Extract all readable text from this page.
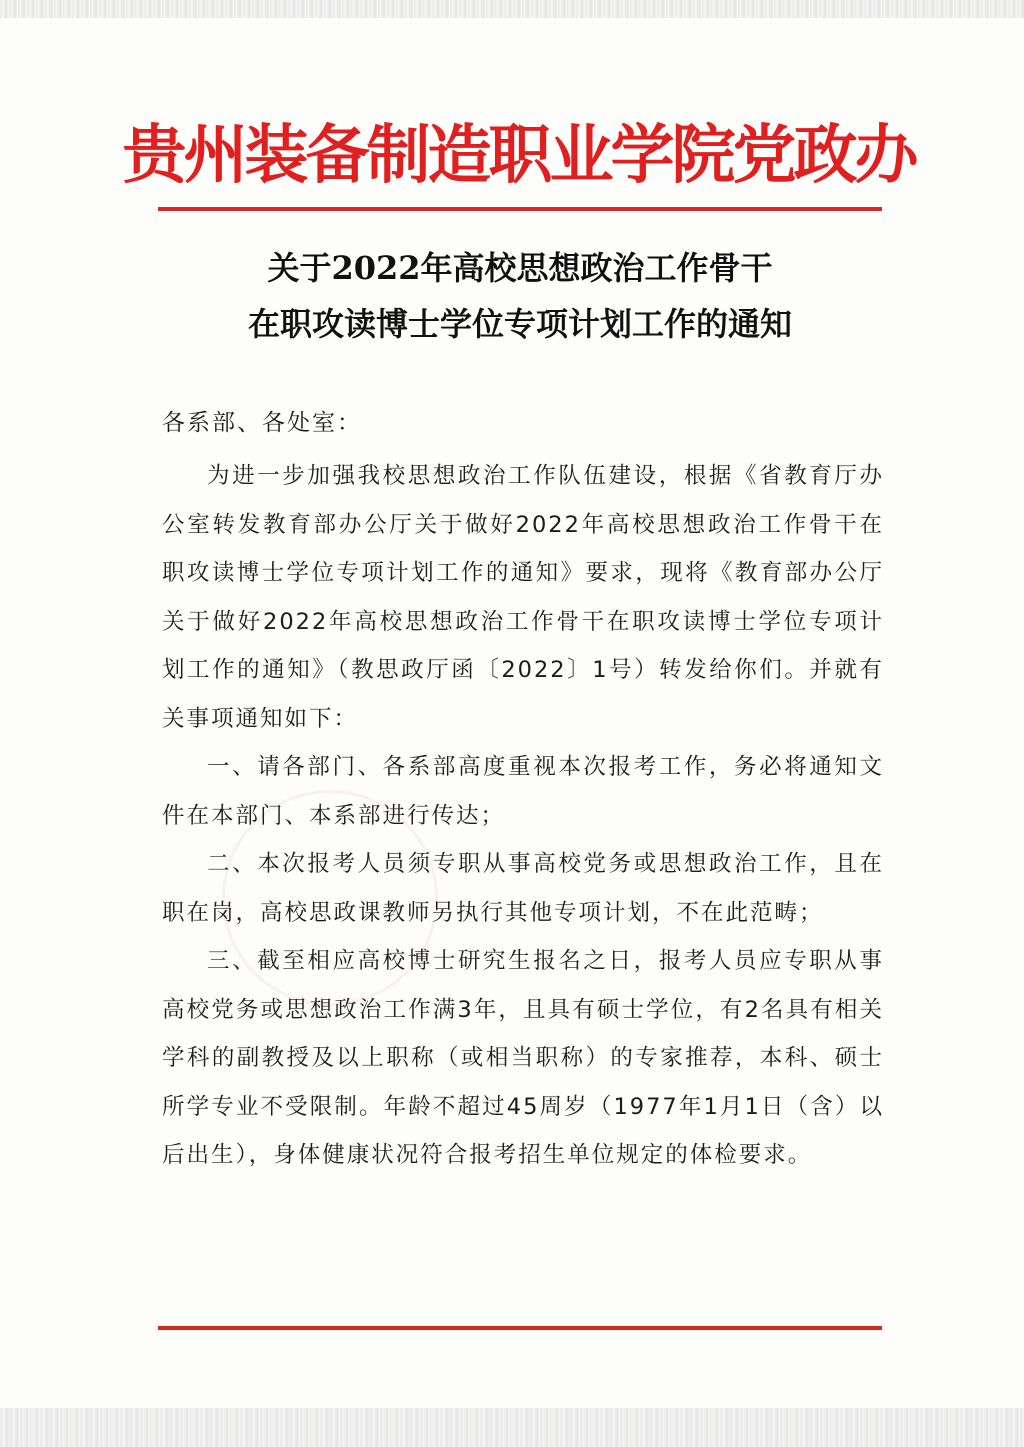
贵州装备制造职业学院党政办
关于2022年高校思想政治工作骨干
在职攻读博士学位专项计划工作的通知
各系部、各处室：

为进一步加强我校思想政治工作队伍建设，根据《省教育厅办公室转发教育部办公厅关于做好2022年高校思想政治工作骨干在职攻读博士学位专项计划工作的通知》要求，现将《教育部办公厅关于做好2022年高校思想政治工作骨干在职攻读博士学位专项计划工作的通知》（教思政厅函〔2022〕1号）转发给你们。并就有关事项通知如下：

一、请各部门、各系部高度重视本次报考工作，务必将通知文件在本部门、本系部进行传达；

二、本次报考人员须专职从事高校党务或思想政治工作，且在职在岗，高校思政课教师另执行其他专项计划，不在此范畴；

三、截至相应高校博士研究生报名之日，报考人员应专职从事高校党务或思想政治工作满3年，且具有硕士学位，有2名具有相关学科的副教授及以上职称（或相当职称）的专家推荐，本科、硕士所学专业不受限制。年龄不超过45周岁（1977年1月1日（含）以后出生），身体健康状况符合报考招生单位规定的体检要求。
